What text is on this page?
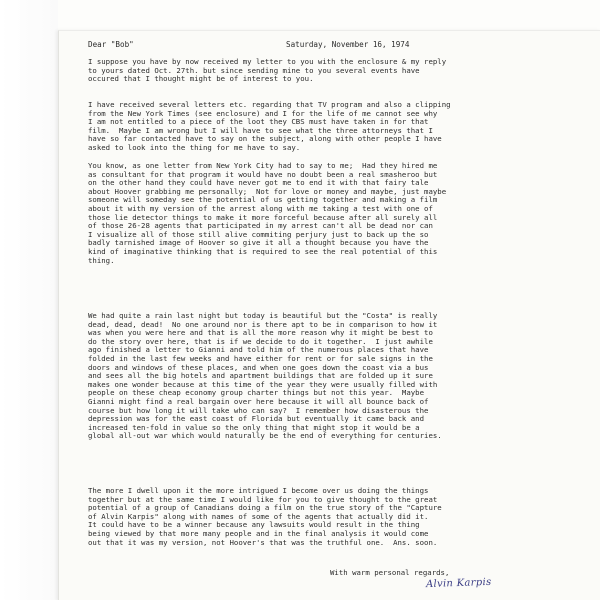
Dear "Bob"	Saturday, November 16, 1974

I suppose you have by now received my letter to you with the enclosure & my reply
to yours dated Oct. 27th. but since sending mine to you several events have
occured that I thought might be of interest to you.

I have received several letters etc. regarding that TV program and also a clipping
from the New York Times (see enclosure) and I for the life of me cannot see why
I am not entitled to a piece of the loot they CBS must have taken in for that
film.  Maybe I am wrong but I will have to see what the three attorneys that I
have so far contacted have to say on the subject, along with other people I have
asked to look into the thing for me have to say.

You know, as one letter from New York City had to say to me;  Had they hired me
as consultant for that program it would have no doubt been a real smasheroo but
on the other hand they could have never got me to end it with that fairy tale
about Hoover grabbing me personally;  Not for love or money and maybe, just maybe
someone will someday see the potential of us getting together and making a film
about it with my version of the arrest along with me taking a test with one of
those lie detector things to make it more forceful because after all surely all
of those 26-28 agents that participated in my arrest can't all be dead nor can
I visualize all of those still alive commiting perjury just to back up the so
badly tarnished image of Hoover so give it all a thought because you have the
kind of imaginative thinking that is required to see the real potential of this
thing.

We had quite a rain last night but today is beautiful but the "Costa" is really
dead, dead, dead!  No one around nor is there apt to be in comparison to how it
was when you were here and that is all the more reason why it might be best to
do the story over here, that is if we decide to do it together.  I just awhile
ago finished a letter to Gianni and told him of the numerous places that have
folded in the last few weeks and have either for rent or for sale signs in the
doors and windows of these places, and when one goes down the coast via a bus
and sees all the big hotels and apartment buildings that are folded up it sure
makes one wonder because at this time of the year they were usually filled with
people on these cheap economy group charter things but not this year.  Maybe
Gianni might find a real bargain over here because it will all bounce back of
course but how long it will take who can say?  I remember how disasterous the
depression was for the east coast of Florida but eventually it came back and
increased ten-fold in value so the only thing that might stop it would be a
global all-out war which would naturally be the end of everything for centuries.

The more I dwell upon it the more intrigued I become over us doing the things
together but at the same time I would like for you to give thought to the great
potential of a group of Canadians doing a film on the true story of the "Capture
of Alvin Karpis" along with names of some of the agents that actually did it.
It could have to be a winner because any lawsuits would result in the thing
being viewed by that more many people and in the final analysis it would come
out that it was my version, not Hoover's that was the truthful one.  Ans. soon.

With warm personal regards,
Alvin Karpis
